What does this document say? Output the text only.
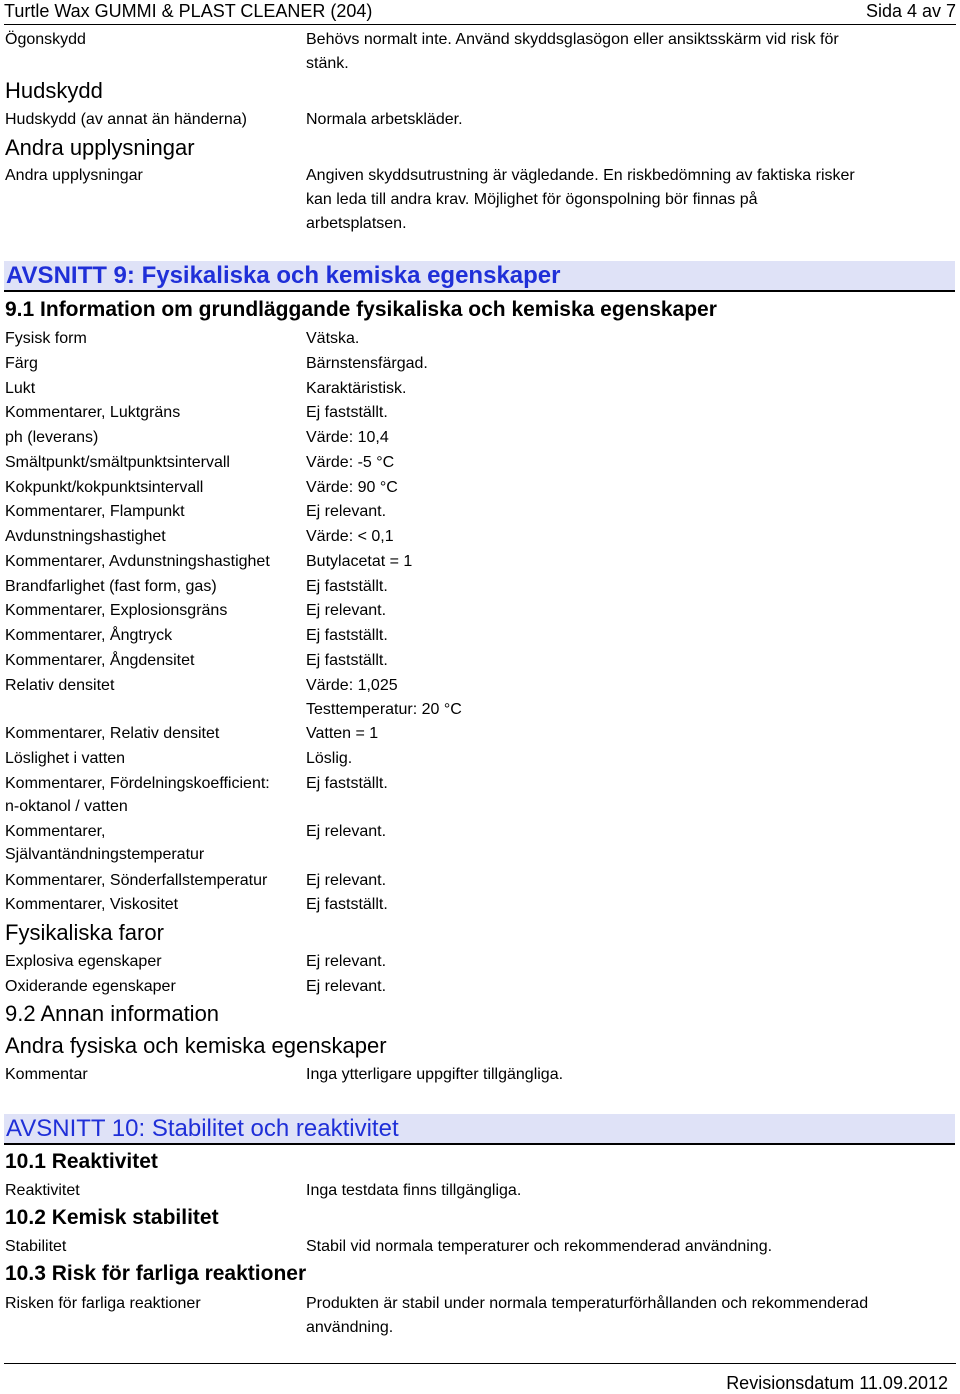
Turtle Wax GUMMI & PLAST CLEANER (204)	Sida 4 av 7
Ögonskydd	Behövs normalt inte. Använd skyddsglasögon eller ansiktsskärm vid risk för
stänk.
Hudskydd
Hudskydd (av annat än händerna)	Normala arbetskläder.
Andra upplysningar
Andra upplysningar	Angiven skyddsutrustning är vägledande. En riskbedömning av faktiska risker
kan leda till andra krav. Möjlighet för ögonspolning bör finnas på
arbetsplatsen.
AVSNITT 9: Fysikaliska och kemiska egenskaper
9.1 Information om grundläggande fysikaliska och kemiska egenskaper
Fysisk form	Vätska.
Färg	Bärnstensfärgad.
Lukt	Karaktäristisk.
Kommentarer, Luktgräns	Ej fastställt.
ph (leverans)	Värde: 10,4
Smältpunkt/smältpunktsintervall	Värde: -5 °C
Kokpunkt/kokpunktsintervall	Värde: 90 °C
Kommentarer, Flampunkt	Ej relevant.
Avdunstningshastighet	Värde: < 0,1
Kommentarer, Avdunstningshastighet Butylacetat = 1
Brandfarlighet (fast form, gas)	Ej fastställt.
Kommentarer, Explosionsgräns	Ej relevant.
Kommentarer, Ångtryck	Ej fastställt.
Kommentarer, Ångdensitet	Ej fastställt.
Relativ densitet	Värde: 1,025
Testtemperatur: 20 °C
Kommentarer, Relativ densitet	Vatten = 1
Löslighet i vatten	Löslig.
Kommentarer, Fördelningskoefficient: Ej fastställt.
n-oktanol / vatten
Kommentarer,	Ej relevant.
Självantändningstemperatur
Kommentarer, Sönderfallstemperatur Ej relevant.
Kommentarer, Viskositet	Ej fastställt.
Fysikaliska faror
Explosiva egenskaper	Ej relevant.
Oxiderande egenskaper	Ej relevant.
9.2 Annan information
Andra fysiska och kemiska egenskaper
Kommentar	Inga ytterligare uppgifter tillgängliga.
AVSNITT 10: Stabilitet och reaktivitet
10.1 Reaktivitet
Reaktivitet	Inga testdata finns tillgängliga.
10.2 Kemisk stabilitet
Stabilitet	Stabil vid normala temperaturer och rekommenderad användning.
10.3 Risk för farliga reaktioner
Risken för farliga reaktioner	Produkten är stabil under normala temperaturförhållanden och rekommenderad
användning.
Revisionsdatum 11.09.2012
